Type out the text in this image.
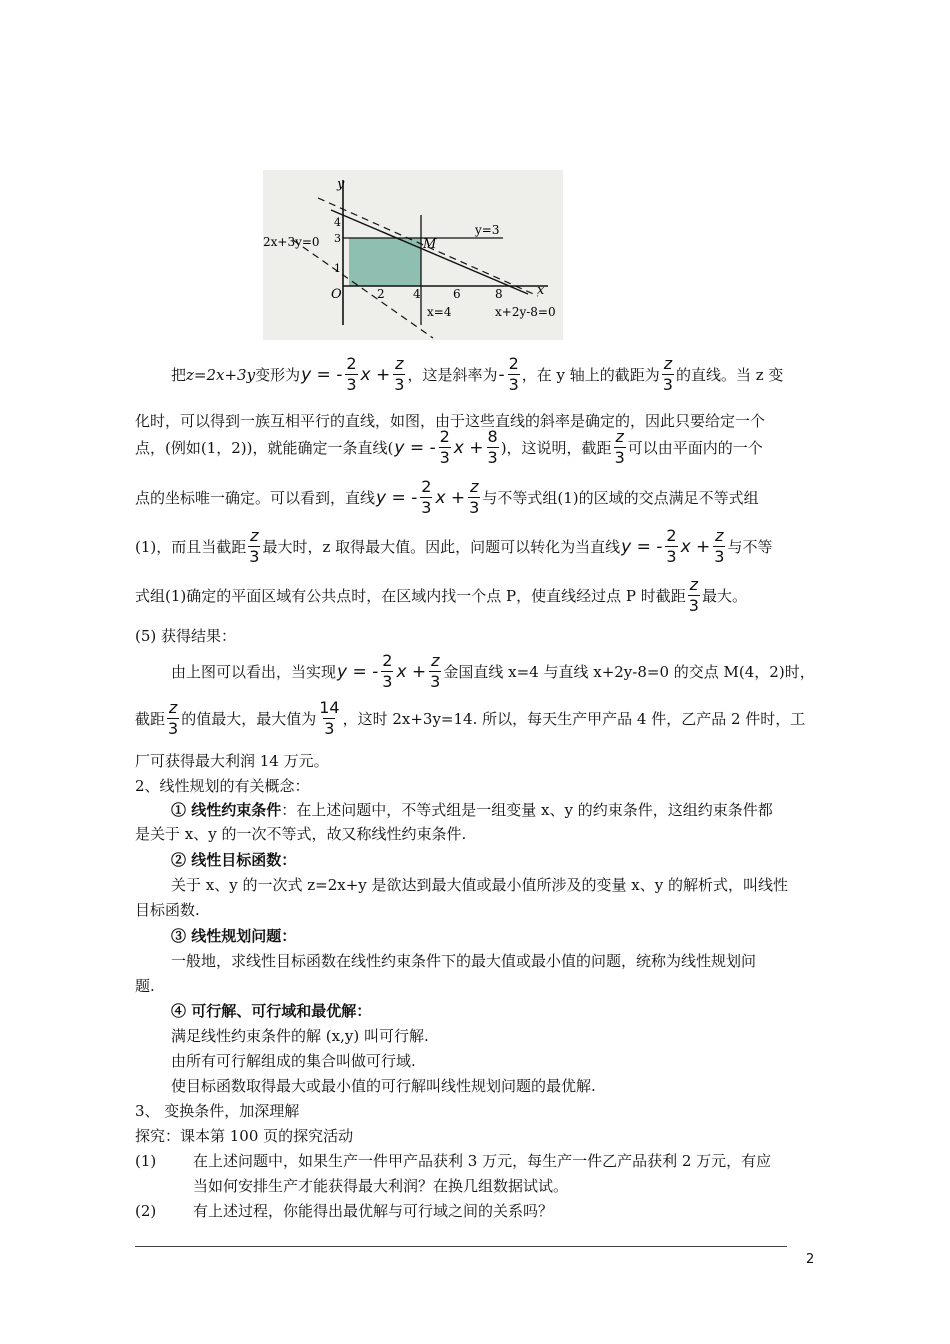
y
x
O
2x+3y=0
y=3
M
x=4	x+2y-8=0
2 4	6	8
1
3
4
把 z=2x+3y 变形为 y = - $\frac{2}{3}$ $x + \frac{z}{3}$ ，这是斜率为 - $\frac{2}{3}$ ，在 y 轴上的截距为 $\frac{z}{3}$ 的直线。当 z 变
化时，可以得到一族互相平行的直线，如图，由于这些直线的斜率是确定的，因此只要给定一个
点，(例如(1，2))，就能确定一条直线( y = - $\frac{2}{3}$ $x + \frac{8}{3}$ )，这说明，截距 $\frac{z}{3}$ 可以由平面内的一个
点的坐标唯一确定。可以看到，直线 y = - $\frac{2}{3}$ $x + \frac{z}{3}$ 与不等式组(1)的区域的交点满足不等式组
(1)，而且当截距 $\frac{z}{3}$ 最大时，z 取得最大值。因此，问题可以转化为当直线 y = - $\frac{2}{3}$ $x + \frac{z}{3}$ 与不等
式组(1)确定的平面区域有公共点时，在区域内找一个点 P，使直线经过点 P 时截距 $\frac{z}{3}$ 最大。
(5) 获得结果：
由上图可以看出，当实现 y = - $\frac{2}{3}$ $x + \frac{z}{3}$ 金国直线 x=4 与直线 x+2y-8=0 的交点 M(4，2)时，
截距 $\frac{z}{3}$ 的值最大，最大值为 $\frac{14}{3}$ ，这时 2x+3y=14. 所以，每天生产甲产品 4 件，乙产品 2 件时，工
厂可获得最大利润 14 万元。
2、线性规划的有关概念：
① 线性约束条件 ：在上述问题中，不等式组是一组变量 x、y 的约束条件，这组约束条件都
是关于 x、y 的一次不等式，故又称线性约束条件.
② 线性目标函数：
关于 x、y 的一次式 z=2x+y 是欲达到最大值或最小值所涉及的变量 x、y 的解析式，叫线性
目标函数.
③ 线性规划问题：
一般地，求线性目标函数在线性约束条件下的最大值或最小值的问题，统称为线性规划问
题.
④ 可行解、可行域和最优解：
满足线性约束条件的解 (x,y) 叫可行解.
由所有可行解组成的集合叫做可行域.
使目标函数取得最大或最小值的可行解叫线性规划问题的最优解.
3、 变换条件，加深理解
探究：课本第 100 页的探究活动
(1)	在上述问题中，如果生产一件甲产品获利 3 万元，每生产一件乙产品获利 2 万元，有应
当如何安排生产才能获得最大利润？在换几组数据试试。
(2)	有上述过程，你能得出最优解与可行域之间的关系吗？
2
